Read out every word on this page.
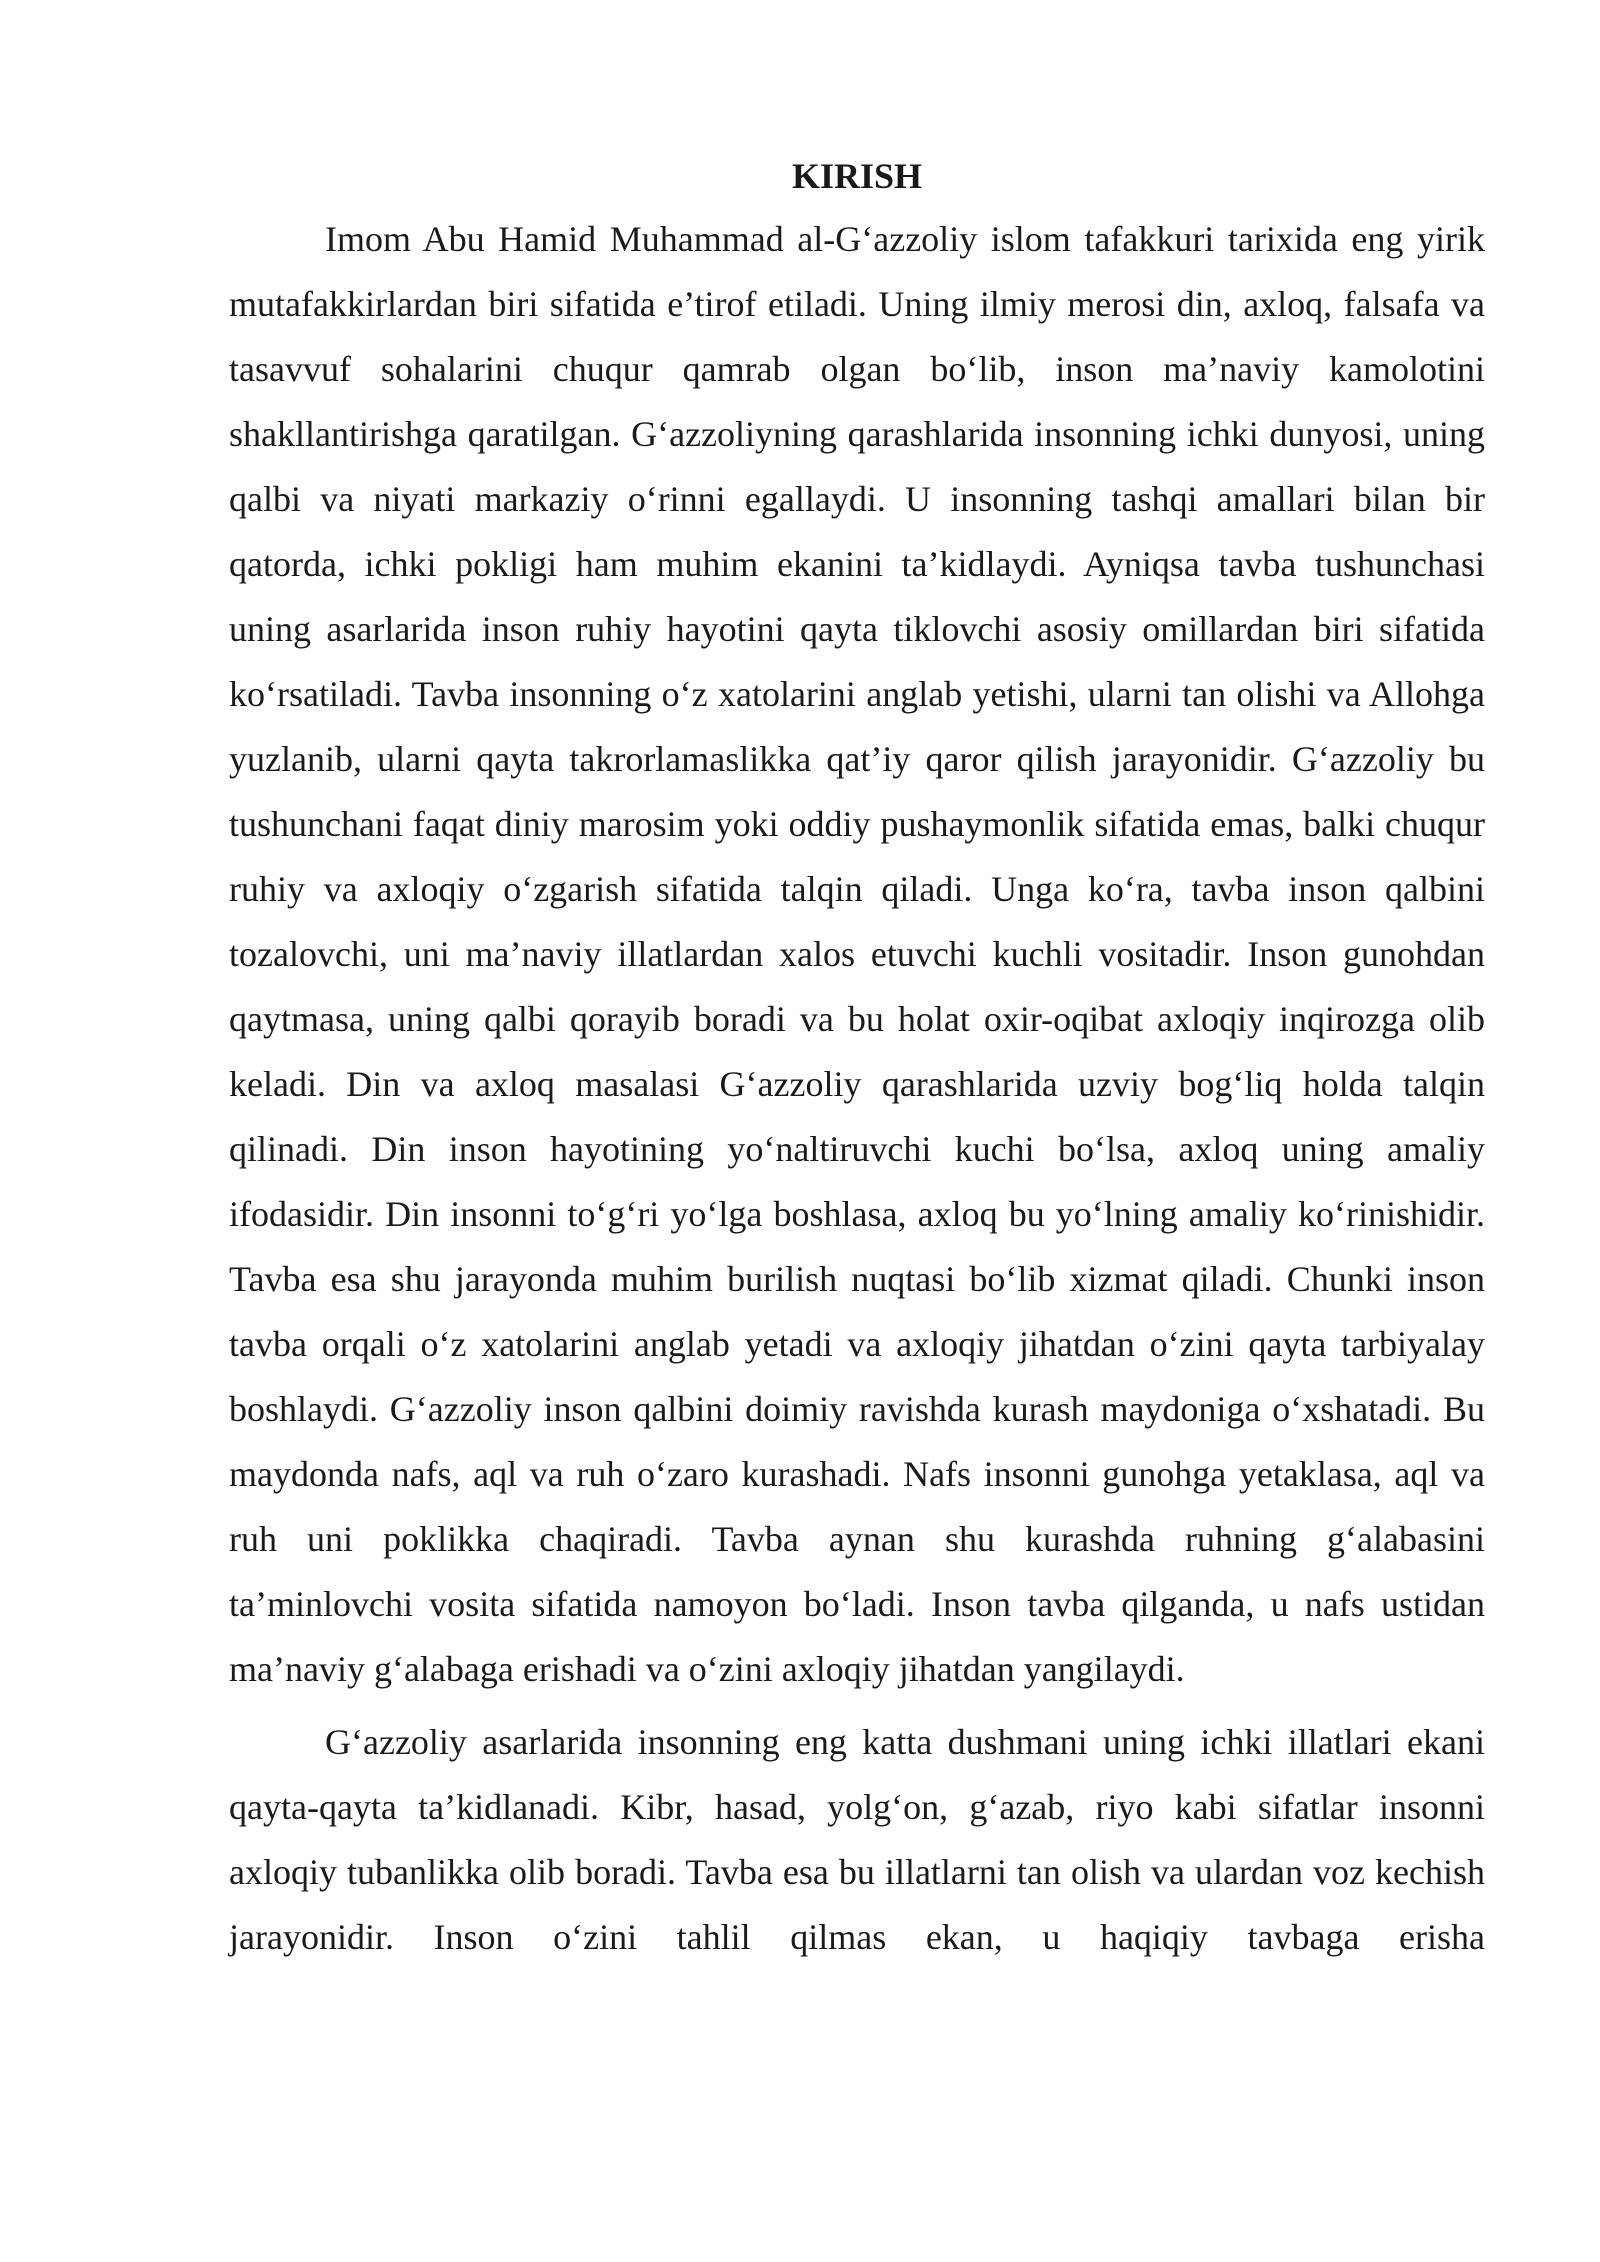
KIRISH

Imom Abu Hamid Muhammad al-G‘azzoliy islom tafakkuri tarixida eng yirik mutafakkirlardan biri sifatida e’tirof etiladi. Uning ilmiy merosi din, axloq, falsafa va tasavvuf sohalarini chuqur qamrab olgan bo‘lib, inson ma’naviy kamolotini shakllantirishga qaratilgan. G‘azzoliyning qarashlarida insonning ichki dunyosi, uning qalbi va niyati markaziy o‘rinni egallaydi. U insonning tashqi amallari bilan bir qatorda, ichki pokligi ham muhim ekanini ta’kidlaydi. Ayniqsa tavba tushunchasi uning asarlarida inson ruhiy hayotini qayta tiklovchi asosiy omillardan biri sifatida ko‘rsatiladi. Tavba insonning o‘z xatolarini anglab yetishi, ularni tan olishi va Allohga yuzlanib, ularni qayta takrorlamaslikka qat’iy qaror qilish jarayonidir. G‘azzoliy bu tushunchani faqat diniy marosim yoki oddiy pushaymonlik sifatida emas, balki chuqur ruhiy va axloqiy o‘zgarish sifatida talqin qiladi. Unga ko‘ra, tavba inson qalbini tozalovchi, uni ma’naviy illatlardan xalos etuvchi kuchli vositadir. Inson gunohdan qaytmasa, uning qalbi qorayib boradi va bu holat oxir-oqibat axloqiy inqirozga olib keladi. Din va axloq masalasi G‘azzoliy qarashlarida uzviy bog‘liq holda talqin qilinadi. Din inson hayotining yo‘naltiruvchi kuchi bo‘lsa, axloq uning amaliy ifodasidir. Din insonni to‘g‘ri yo‘lga boshlasa, axloq bu yo‘lning amaliy ko‘rinishidir. Tavba esa shu jarayonda muhim burilish nuqtasi bo‘lib xizmat qiladi. Chunki inson tavba orqali o‘z xatolarini anglab yetadi va axloqiy jihatdan o‘zini qayta tarbiyalay boshlaydi. G‘azzoliy inson qalbini doimiy ravishda kurash maydoniga o‘xshatadi. Bu maydonda nafs, aql va ruh o‘zaro kurashadi. Nafs insonni gunohga yetaklasa, aql va ruh uni poklikka chaqiradi. Tavba aynan shu kurashda ruhning g‘alabasini ta’minlovchi vosita sifatida namoyon bo‘ladi. Inson tavba qilganda, u nafs ustidan ma’naviy g‘alabaga erishadi va o‘zini axloqiy jihatdan yangilaydi.

G‘azzoliy asarlarida insonning eng katta dushmani uning ichki illatlari ekani qayta-qayta ta’kidlanadi. Kibr, hasad, yolg‘on, g‘azab, riyo kabi sifatlar insonni axloqiy tubanlikka olib boradi. Tavba esa bu illatlarni tan olish va ulardan voz kechish jarayonidir. Inson o‘zini tahlil qilmas ekan, u haqiqiy tavbaga erisha
